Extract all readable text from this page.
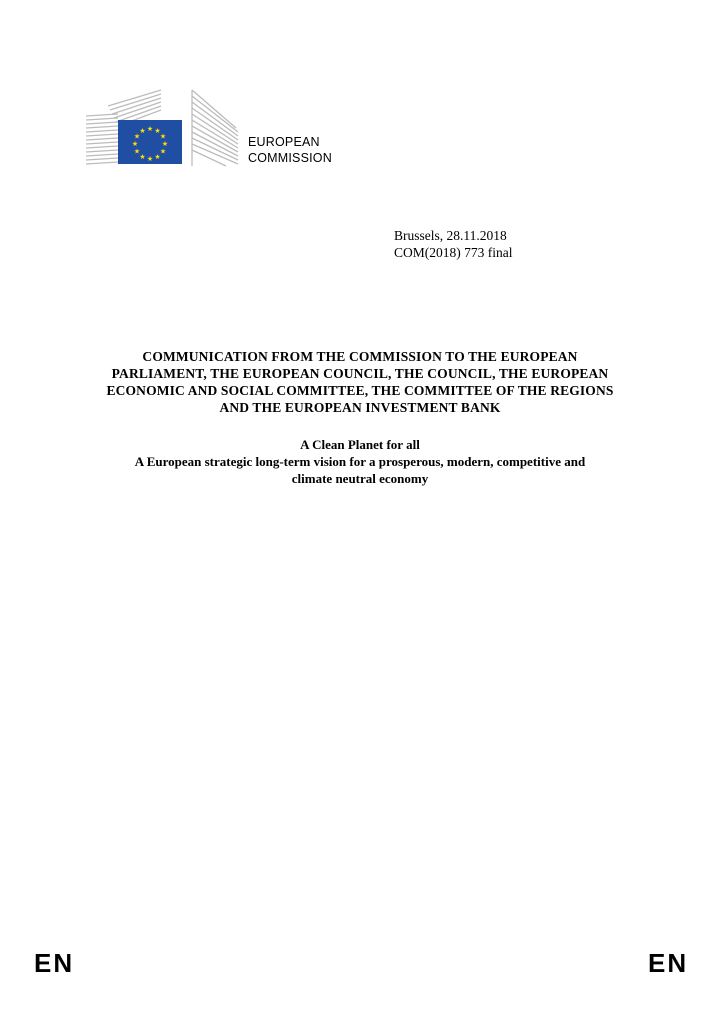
★ ★
★
★
★
★
★
★
★
★
★
★
EUROPEAN
COMMISSION
Brussels, 28.11.2018
COM(2018) 773 final
COMMUNICATION FROM THE COMMISSION TO THE EUROPEAN
PARLIAMENT, THE EUROPEAN COUNCIL, THE COUNCIL, THE EUROPEAN
ECONOMIC AND SOCIAL COMMITTEE, THE COMMITTEE OF THE REGIONS
AND THE EUROPEAN INVESTMENT BANK
A Clean Planet for all
A European strategic long-term vision for a prosperous, modern, competitive and
climate neutral economy
EN	EN
